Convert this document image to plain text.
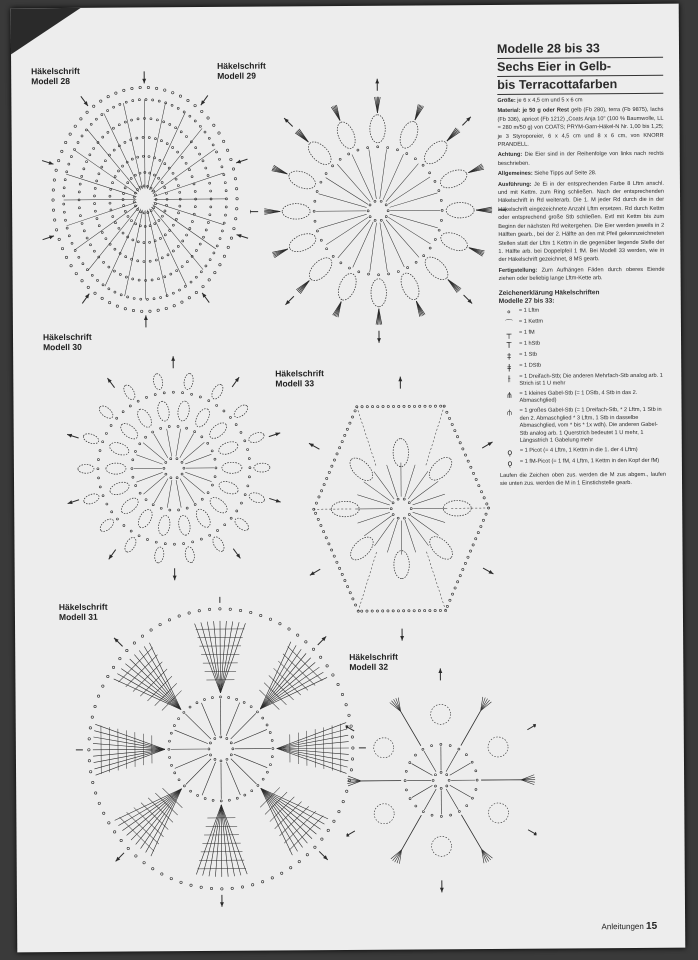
Häkelschrift
Modell 28
Häkelschrift
Modell 29
Häkelschrift
Modell 30
Häkelschrift
Modell 33
Häkelschrift
Modell 31
Häkelschrift
Modell 32
Modelle 28 bis 33
Sechs Eier in Gelb-
bis Terracottafarben

Größe: je 6 x 4,5 cm und 5 x 6 cm

Material: je 50 g oder Rest gelb (Fb 280), terra (Fb 9875), lachs (Fb 336), apricot (Fb 1212) „Coats Anja 10" (100 % Baumwolle, LL = 280 m/50 g) von COATS; PRYM-Garn-Häkel-N Nr. 1,00 bis 1,25; je 3 Styroporeier, 6 x 4,5 cm und 8 x 6 cm, von KNORR PRANDELL.

Achtung: Die Eier sind in der Reihenfolge von links nach rechts beschrieben.

Allgemeines: Siehe Tipps auf Seite 28.

Ausführung: Je Ei in der entsprechenden Farbe 8 Lftm anschl. und mit Kettm. zum Ring schließen. Nach der entsprechenden Häkelschrift in Rd weiterarb. Die 1. M jeder Rd durch die in der Häkelschrift eingezeichnete Anzahl Lftm ersetzen. Rd durch Kettm oder entsprechend große Stb schließen. Evtl mit Kettm bis zum Beginn der nächsten Rd weitergehen. Die Eier werden jeweils in 2 Hälften gearb., bei der 2. Hälfte an den mit Pfeil gekennzeichneten Stellen statt der Lftm 1 Kettm in die gegenüber liegende Stelle der 1. Hälfte arb. bei Doppelpfeil 1 fM. Bei Modell 33 werden, wie in der Häkelschrift gezeichnet, 8 MS gearb.

Fertigstellung: Zum Aufhängen Fäden durch oberes Eiende ziehen oder beliebig lange Lftm-Kette arb.

Zeichenerklärung Häkelschriften
Modelle 27 bis 33:
⚬	= 1 Lftm
⌒	= 1 Kettm
┬	= 1 fM
T	= 1 hStb
‡	= 1 Stb
ǂ	= 1 DStb
⫲	= 1 Dreifach-Stb; Die anderen Mehrfach-Stb analog arb. 1 Strich ist 1 U mehr
⋔	= 1 kleines Gabel-Stb (= 1 DStb, 4 Stb in das 2. Abmaschglied)
⫛	= 1 großes Gabel-Stb (= 1 Dreifach-Stb, * 2 Lftm, 1 Stb in den 2. Abmaschglied * 3 Lftm, 1 Stb in dasselbe Abmaschglied, vom * bis * 1x wdh). Die anderen Gabel-Stb analog arb. 1 Querstrich bedeutet 1 U mehr, 1 Längsstrich 1 Gabelung mehr
ϙ	= 1 Picot (= 4 Lftm, 1 Kettm in die 1. der 4 Lftm)
ǫ	= 1 fM-Picot (= 1 fM, 4 Lftm, 1 Kettm in den Kopf der fM)

Laufen die Zeichen oben zus. werden die M zus abgem., laufen sie unten zus. werden die M in 1 Einstichstelle gearb.

Anleitungen 15
